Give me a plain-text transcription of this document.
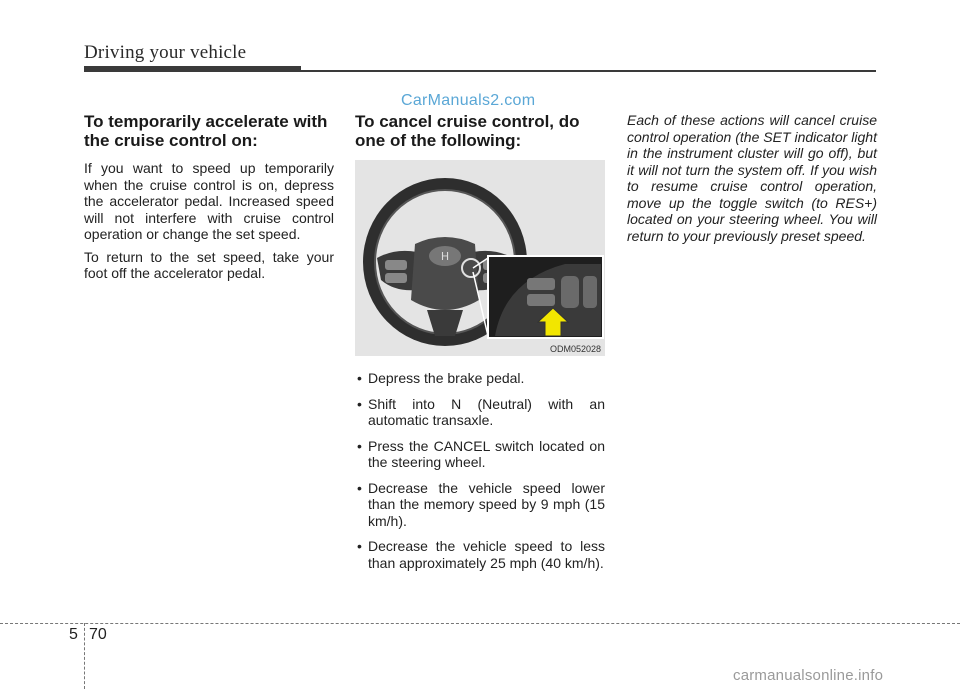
Driving your vehicle
CarManuals2.com
To temporarily accelerate with the cruise control on:

If you want to speed up temporarily when the cruise control is on, depress the accelerator pedal. Increased speed will not interfere with cruise control operation or change the set speed.

To return to the set speed, take your foot off the accelerator pedal.

To cancel cruise control, do one of the following:
H
ODM052028
• Depress the brake pedal.
• Shift into N (Neutral) with an automatic transaxle.
• Press the CANCEL switch located on the steering wheel.
• Decrease the vehicle speed lower than the memory speed by 9 mph (15 km/h).
• Decrease the vehicle speed to less than approximately 25 mph (40 km/h).

Each of these actions will cancel cruise control operation (the SET indicator light in the instrument cluster will go off), but it will not turn the system off. If you wish to resume cruise control operation, move up the toggle switch (to RES+) located on your steering wheel. You will return to your previously preset speed.

5 70
carmanualsonline.info
